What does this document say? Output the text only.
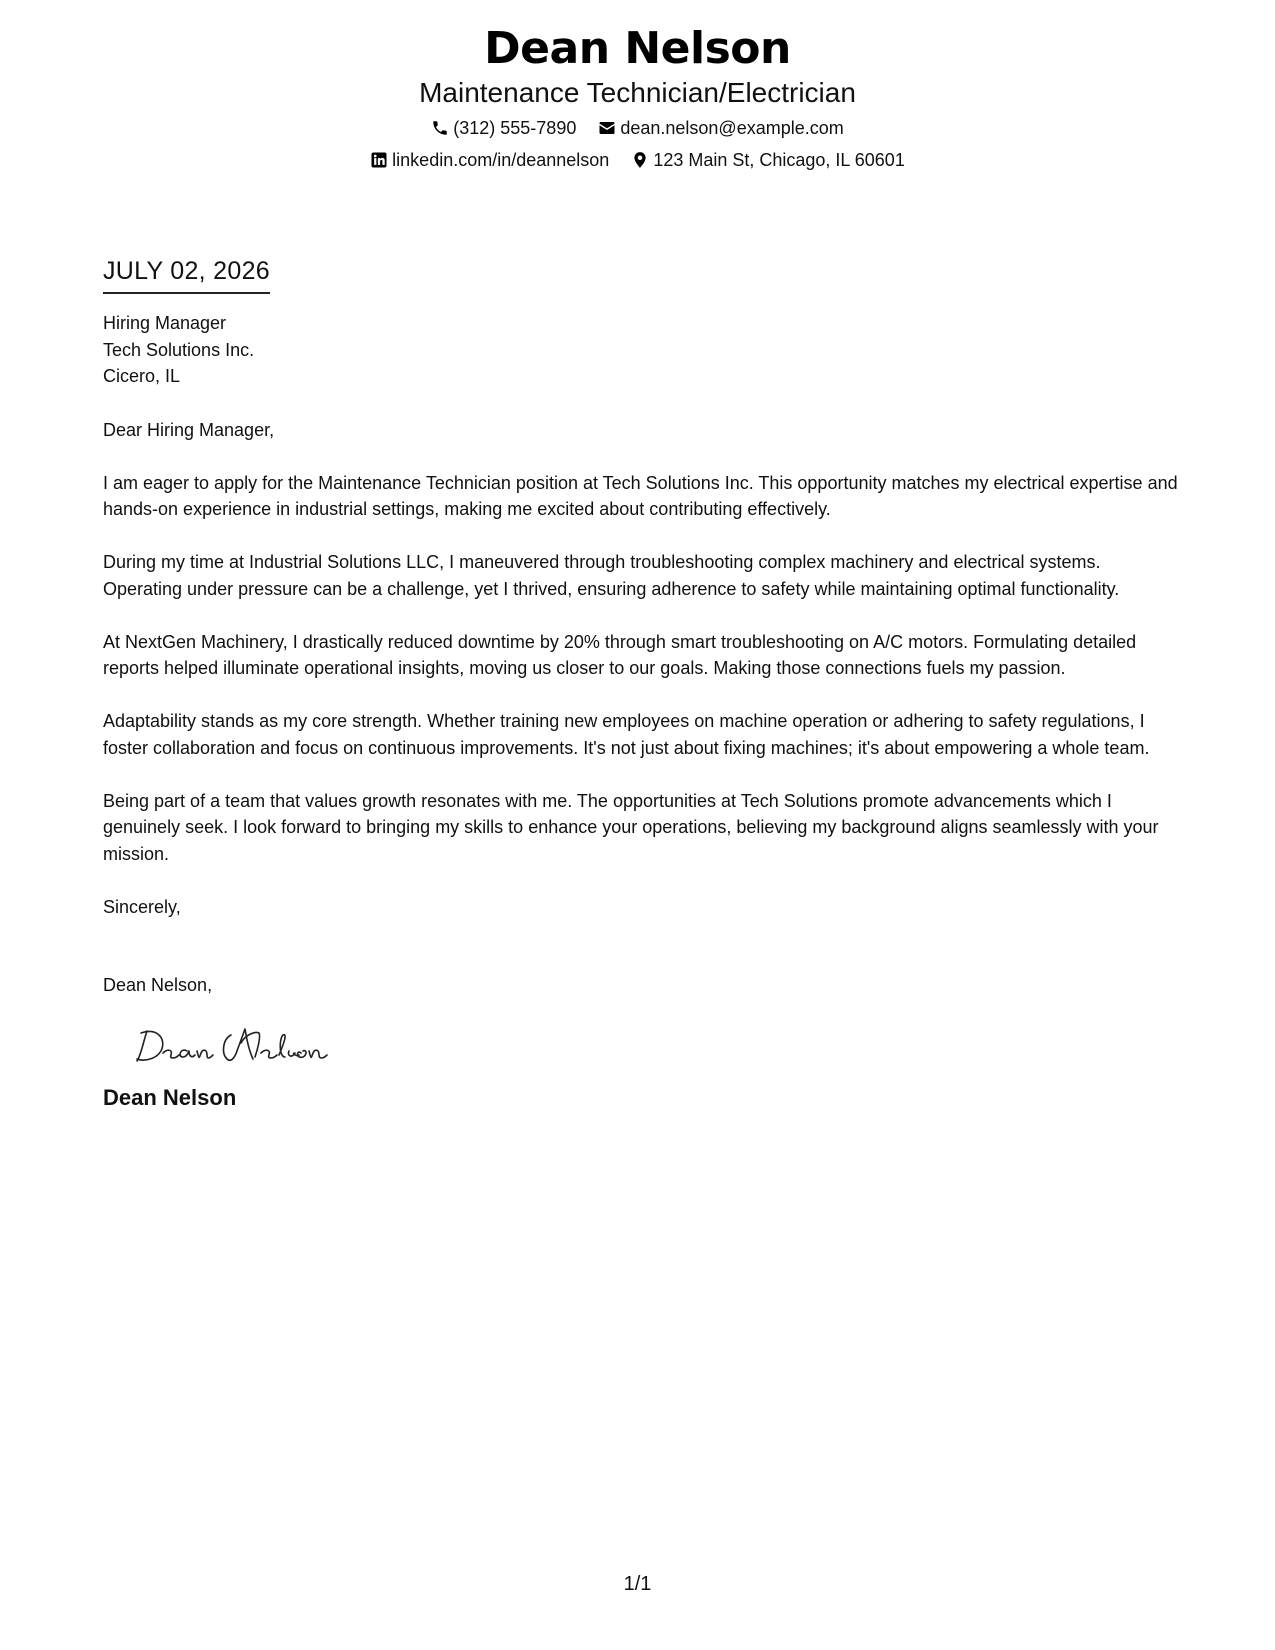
Dean Nelson
Maintenance Technician/Electrician
(312) 555-7890 dean.nelson@example.com
linkedin.com/in/deannelson 123 Main St, Chicago, IL 60601
JULY 02, 2026
Hiring Manager
Tech Solutions Inc.
Cicero, IL
Dear Hiring Manager,
I am eager to apply for the Maintenance Technician position at Tech Solutions Inc. This opportunity matches my electrical expertise and hands-on experience in industrial settings, making me excited about contributing effectively.
During my time at Industrial Solutions LLC, I maneuvered through troubleshooting complex machinery and electrical systems. Operating under pressure can be a challenge, yet I thrived, ensuring adherence to safety while maintaining optimal functionality.
At NextGen Machinery, I drastically reduced downtime by 20% through smart troubleshooting on A/C motors. Formulating detailed reports helped illuminate operational insights, moving us closer to our goals. Making those connections fuels my passion.
Adaptability stands as my core strength. Whether training new employees on machine operation or adhering to safety regulations, I foster collaboration and focus on continuous improvements. It's not just about fixing machines; it's about empowering a whole team.
Being part of a team that values growth resonates with me. The opportunities at Tech Solutions promote advancements which I genuinely seek. I look forward to bringing my skills to enhance your operations, believing my background aligns seamlessly with your mission.
Sincerely,
Dean Nelson,
Dean Nelson
1/1
